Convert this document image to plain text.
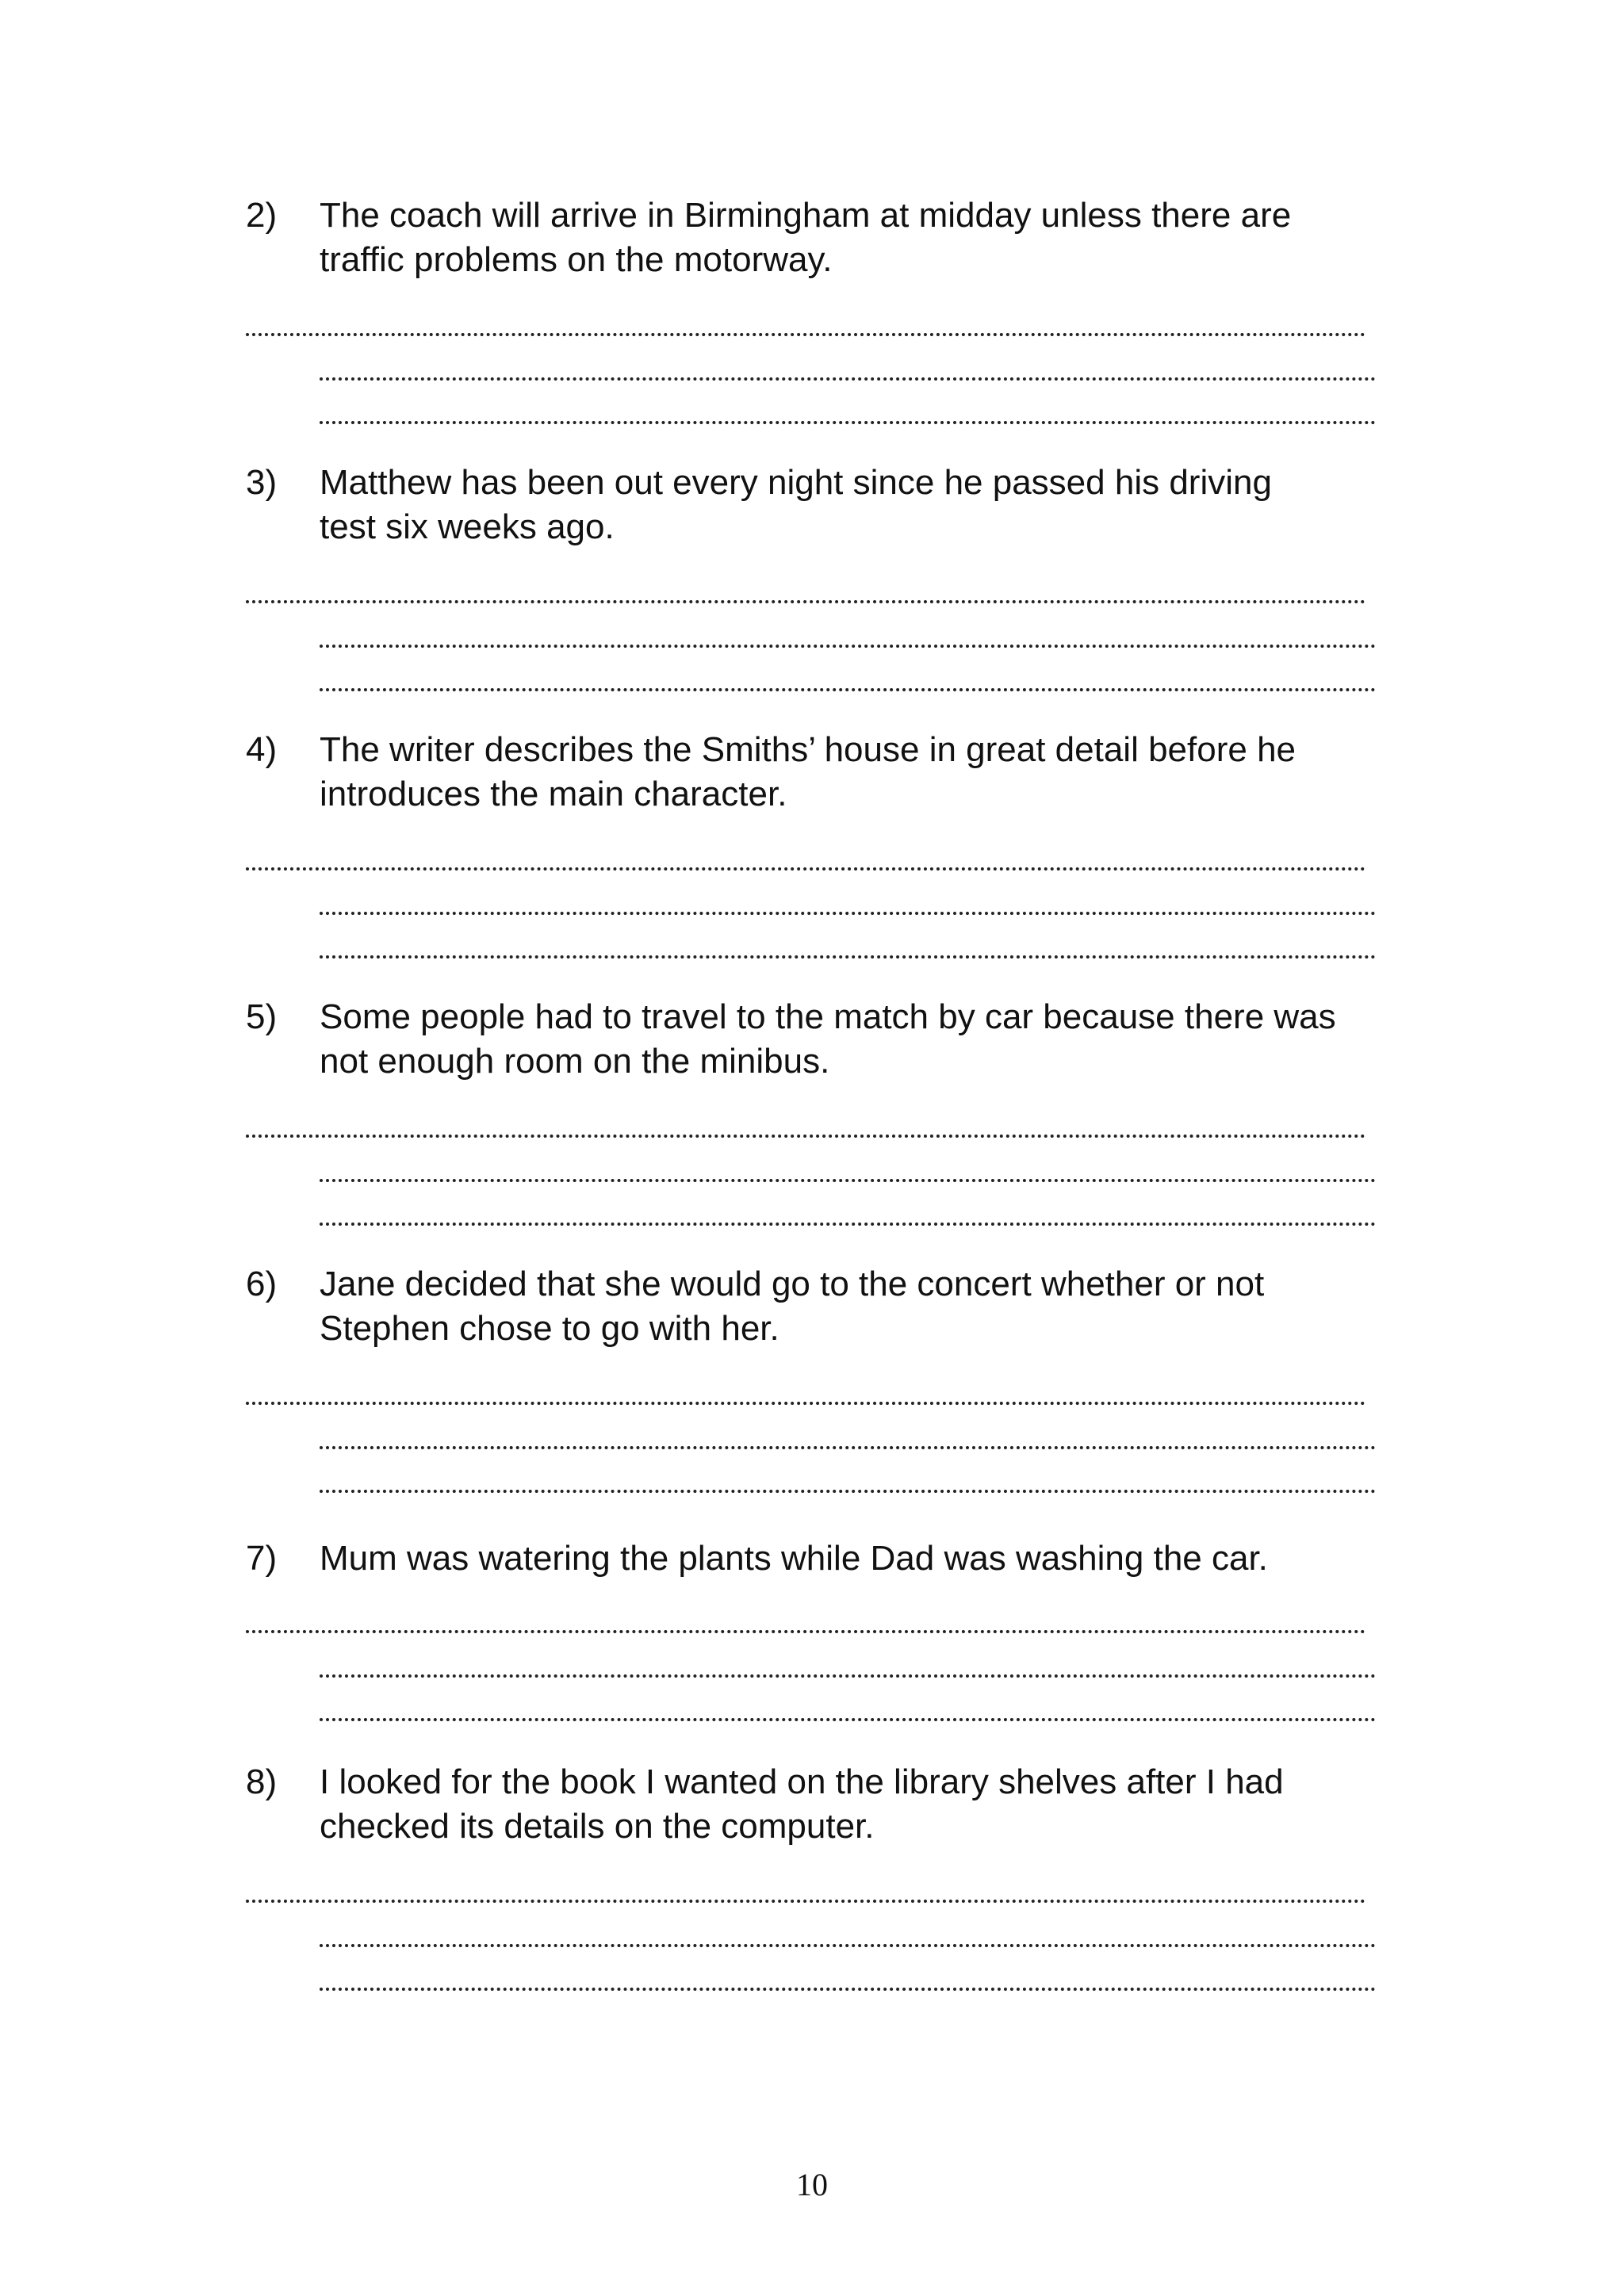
2)	The coach will arrive in Birmingham at midday unless there are
traffic problems on the motorway.
3)	Matthew has been out every night since he passed his driving
test six weeks ago.
4)	The writer describes the Smiths’ house in great detail before he
introduces the main character.
5)	Some people had to travel to the match by car because there was
not enough room on the minibus.
6)	Jane decided that she would go to the concert whether or not
Stephen chose to go with her.
7)	Mum was watering the plants while Dad was washing the car.
8)	I looked for the book I wanted on the library shelves after I had
checked its details on the computer.
10
